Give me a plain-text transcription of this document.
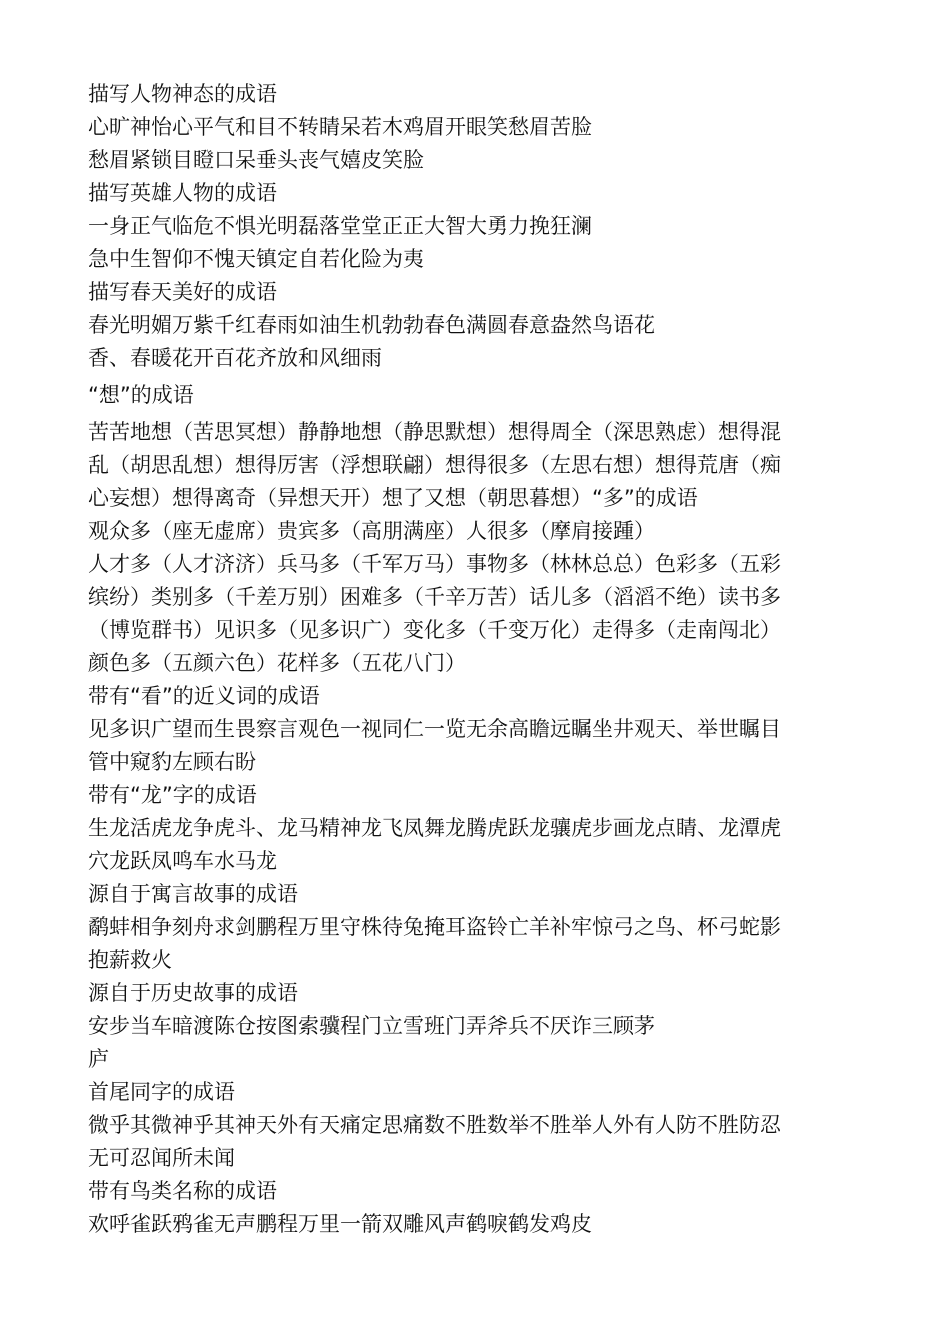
描写人物神态的成语
心旷神怡心平气和目不转睛呆若木鸡眉开眼笑愁眉苦脸
愁眉紧锁目瞪口呆垂头丧气嬉皮笑脸
描写英雄人物的成语
一身正气临危不惧光明磊落堂堂正正大智大勇力挽狂澜
急中生智仰不愧天镇定自若化险为夷
描写春天美好的成语
春光明媚万紫千红春雨如油生机勃勃春色满圆春意盎然鸟语花
香、春暖花开百花齐放和风细雨
“想”的成语
苦苦地想（苦思冥想）静静地想（静思默想）想得周全（深思熟虑）想得混
乱（胡思乱想）想得厉害（浮想联翩）想得很多（左思右想）想得荒唐（痴
心妄想）想得离奇（异想天开）想了又想（朝思暮想）“多”的成语
观众多（座无虚席）贵宾多（高朋满座）人很多（摩肩接踵）
人才多（人才济济）兵马多（千军万马）事物多（林林总总）色彩多（五彩
缤纷）类别多（千差万别）困难多（千辛万苦）话儿多（滔滔不绝）读书多
（博览群书）见识多（见多识广）变化多（千变万化）走得多（走南闯北）
颜色多（五颜六色）花样多（五花八门）
带有“看”的近义词的成语
见多识广望而生畏察言观色一视同仁一览无余高瞻远瞩坐井观天、举世瞩目
管中窥豹左顾右盼
带有“龙”字的成语
生龙活虎龙争虎斗、龙马精神龙飞凤舞龙腾虎跃龙骧虎步画龙点睛、龙潭虎
穴龙跃凤鸣车水马龙
源自于寓言故事的成语
鹬蚌相争刻舟求剑鹏程万里守株待兔掩耳盗铃亡羊补牢惊弓之鸟、杯弓蛇影
抱薪救火
源自于历史故事的成语
安步当车暗渡陈仓按图索骥程门立雪班门弄斧兵不厌诈三顾茅
庐
首尾同字的成语
微乎其微神乎其神天外有天痛定思痛数不胜数举不胜举人外有人防不胜防忍
无可忍闻所未闻
带有鸟类名称的成语
欢呼雀跃鸦雀无声鹏程万里一箭双雕风声鹤唳鹤发鸡皮
